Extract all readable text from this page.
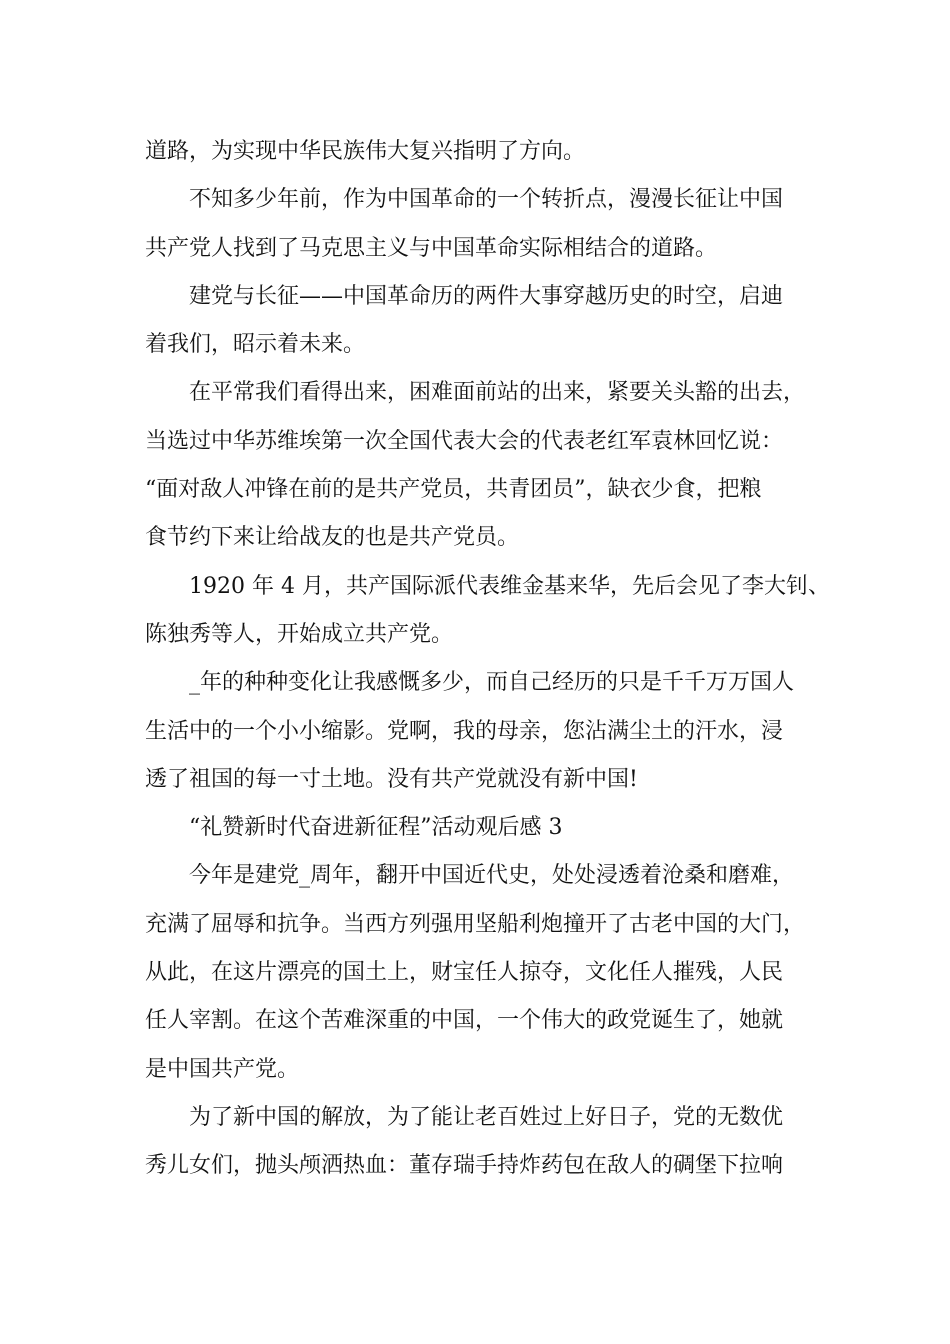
道路，为实现中华民族伟大复兴指明了方向。
不知多少年前，作为中国革命的一个转折点，漫漫长征让中国
共产党人找到了马克思主义与中国革命实际相结合的道路。
建党与长征——中国革命历的两件大事穿越历史的时空，启迪
着我们，昭示着未来。
在平常我们看得出来，困难面前站的出来，紧要关头豁的出去，
当选过中华苏维埃第一次全国代表大会的代表老红军袁林回忆说：
“面对敌人冲锋在前的是共产党员，共青团员”，缺衣少食，把粮
食节约下来让给战友的也是共产党员。
1920 年 4 月，共产国际派代表维金基来华，先后会见了李大钊、
陈独秀等人，开始成立共产党。
_年的种种变化让我感慨多少，而自己经历的只是千千万万国人
生活中的一个小小缩影。党啊，我的母亲，您沾满尘土的汗水，浸
透了祖国的每一寸土地。没有共产党就没有新中国!
“礼赞新时代奋进新征程”活动观后感 3
今年是建党_周年，翻开中国近代史，处处浸透着沧桑和磨难，
充满了屈辱和抗争。当西方列强用坚船利炮撞开了古老中国的大门，
从此，在这片漂亮的国土上，财宝任人掠夺，文化任人摧残，人民
任人宰割。在这个苦难深重的中国，一个伟大的政党诞生了，她就
是中国共产党。
为了新中国的解放，为了能让老百姓过上好日子，党的无数优
秀儿女们，抛头颅洒热血：董存瑞手持炸药包在敌人的碉堡下拉响
